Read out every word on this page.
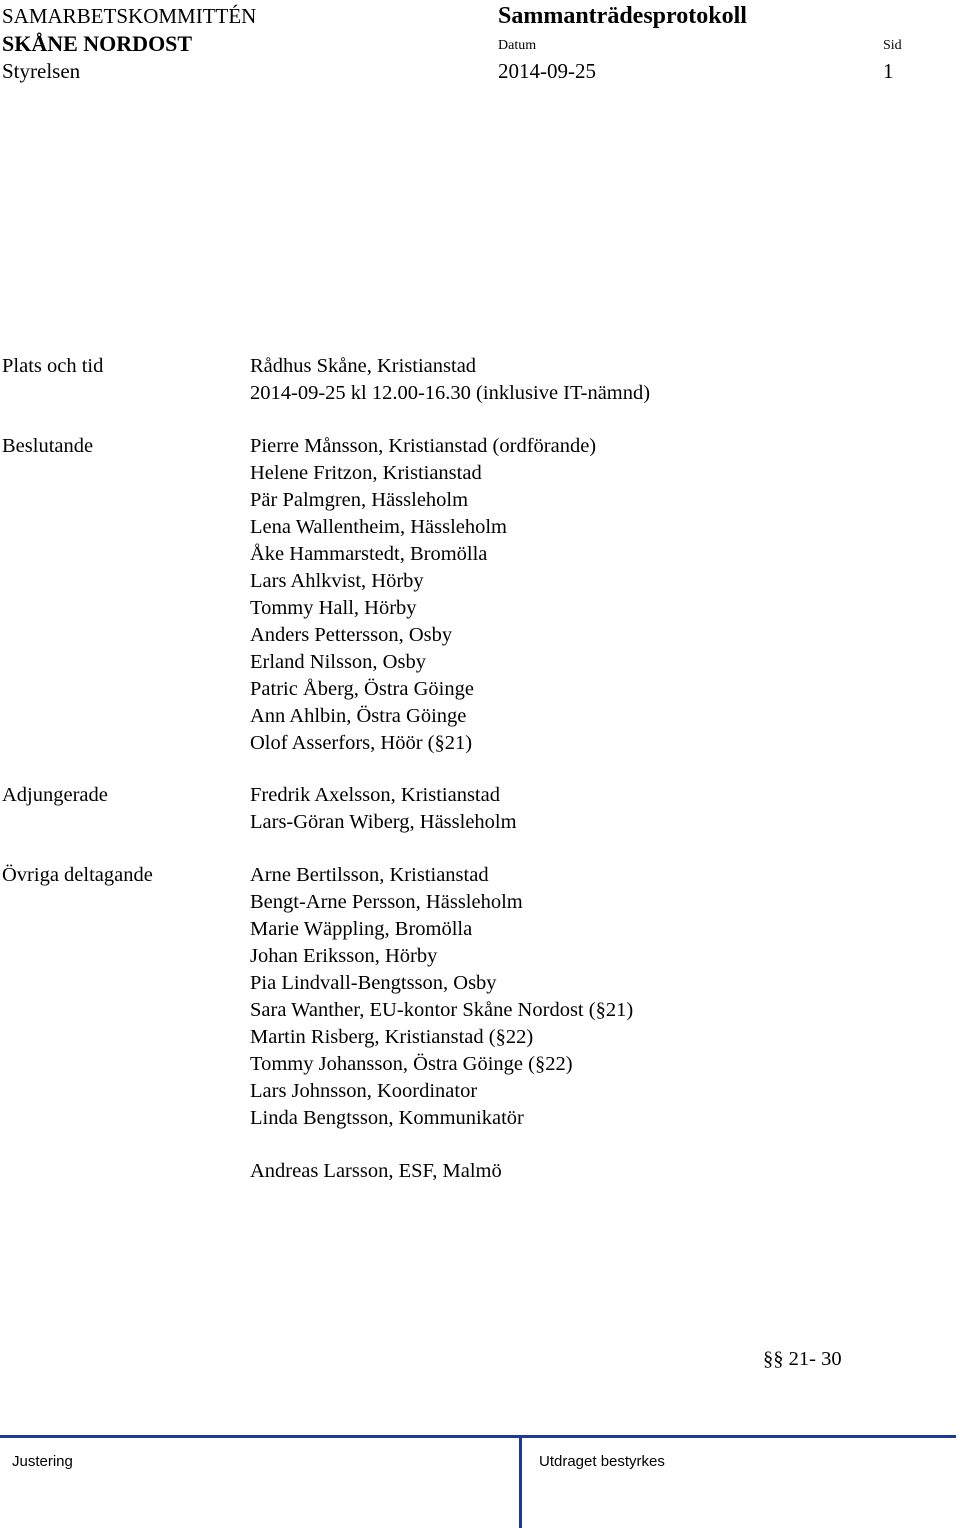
SAMARBETSKOMMITTÉN
SKÅNE NORDOST
Styrelsen
Sammanträdesprotokoll
Datum
2014-09-25
Sid
1
Plats och tid
Beslutande
Adjungerade
Övriga deltagande
Rådhus Skåne, Kristianstad
2014-09-25 kl 12.00-16.30 (inklusive IT-nämnd)
Pierre Månsson, Kristianstad (ordförande)
Helene Fritzon, Kristianstad
Pär Palmgren, Hässleholm
Lena Wallentheim, Hässleholm
Åke Hammarstedt, Bromölla
Lars Ahlkvist, Hörby
Tommy Hall, Hörby
Anders Pettersson, Osby
Erland Nilsson, Osby
Patric Åberg, Östra Göinge
Ann Ahlbin, Östra Göinge
Olof Asserfors, Höör (§21)
Fredrik Axelsson, Kristianstad
Lars-Göran Wiberg, Hässleholm
Arne Bertilsson, Kristianstad
Bengt-Arne Persson, Hässleholm
Marie Wäppling, Bromölla
Johan Eriksson, Hörby
Pia Lindvall-Bengtsson, Osby
Sara Wanther, EU-kontor Skåne Nordost (§21)
Martin Risberg, Kristianstad (§22)
Tommy Johansson, Östra Göinge (§22)
Lars Johnsson, Koordinator
Linda Bengtsson, Kommunikatör
Andreas Larsson, ESF, Malmö
§§ 21- 30
Justering	Utdraget bestyrkes
